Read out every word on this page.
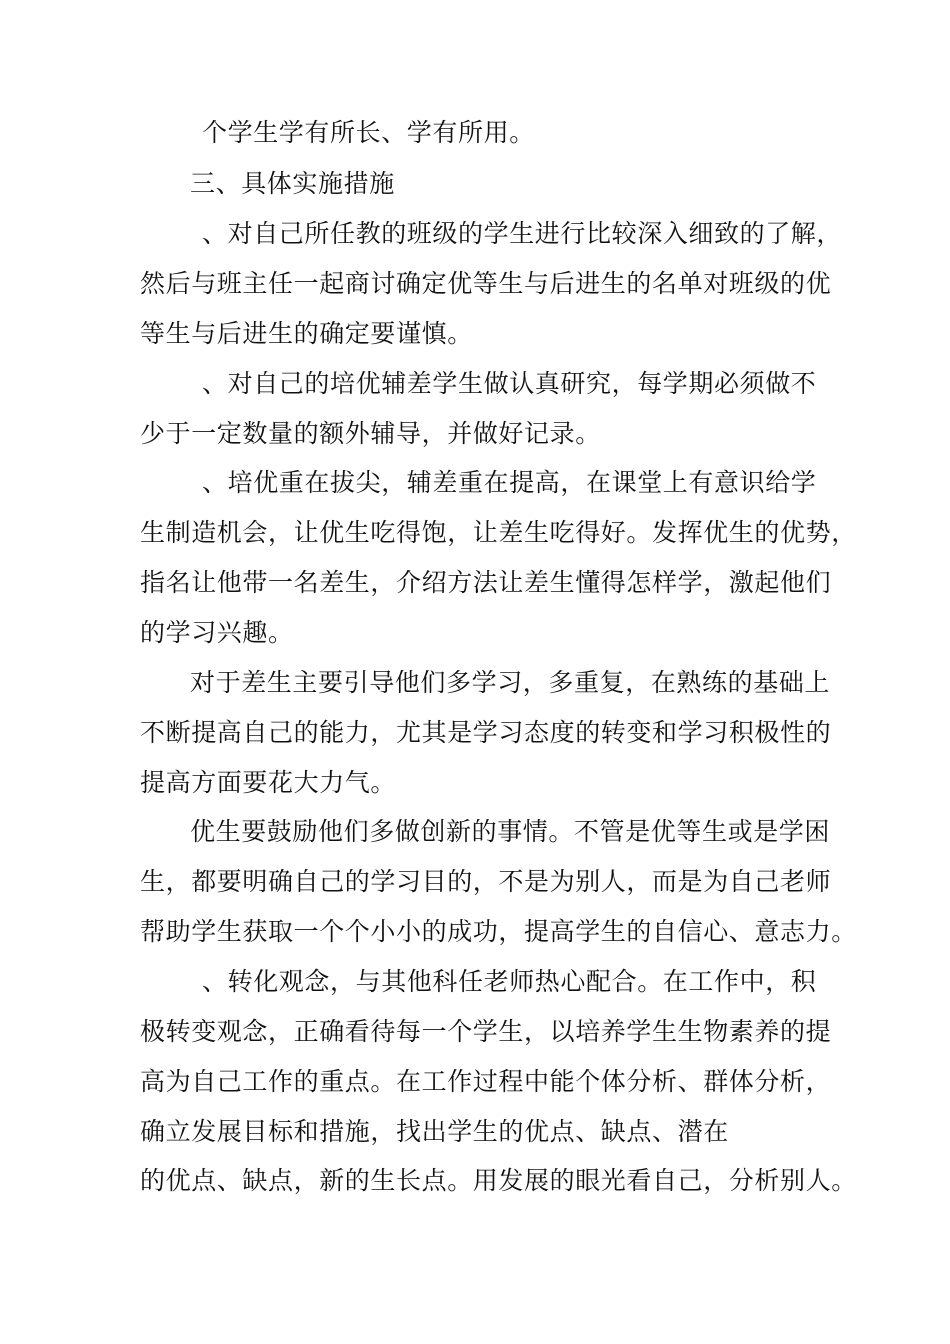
个学生学有所长、学有所用。
三、具体实施措施
、对自己所任教的班级的学生进行比较深入细致的了解，
然后与班主任一起商讨确定优等生与后进生的名单对班级的优
等生与后进生的确定要谨慎。
、对自己的培优辅差学生做认真研究，每学期必须做不
少于一定数量的额外辅导，并做好记录。
、培优重在拔尖，辅差重在提高，在课堂上有意识给学
生制造机会，让优生吃得饱，让差生吃得好。发挥优生的优势，
指名让他带一名差生，介绍方法让差生懂得怎样学，激起他们
的学习兴趣。
对于差生主要引导他们多学习，多重复，在熟练的基础上
不断提高自己的能力，尤其是学习态度的转变和学习积极性的
提高方面要花大力气。
优生要鼓励他们多做创新的事情。不管是优等生或是学困
生，都要明确自己的学习目的，不是为别人，而是为自己老师
帮助学生获取一个个小小的成功，提高学生的自信心、意志力。
、转化观念，与其他科任老师热心配合。在工作中，积
极转变观念，正确看待每一个学生，以培养学生生物素养的提
高为自己工作的重点。在工作过程中能个体分析、群体分析，
确立发展目标和措施，找出学生的优点、缺点、潜在
的优点、缺点，新的生长点。用发展的眼光看自己，分析别人。
